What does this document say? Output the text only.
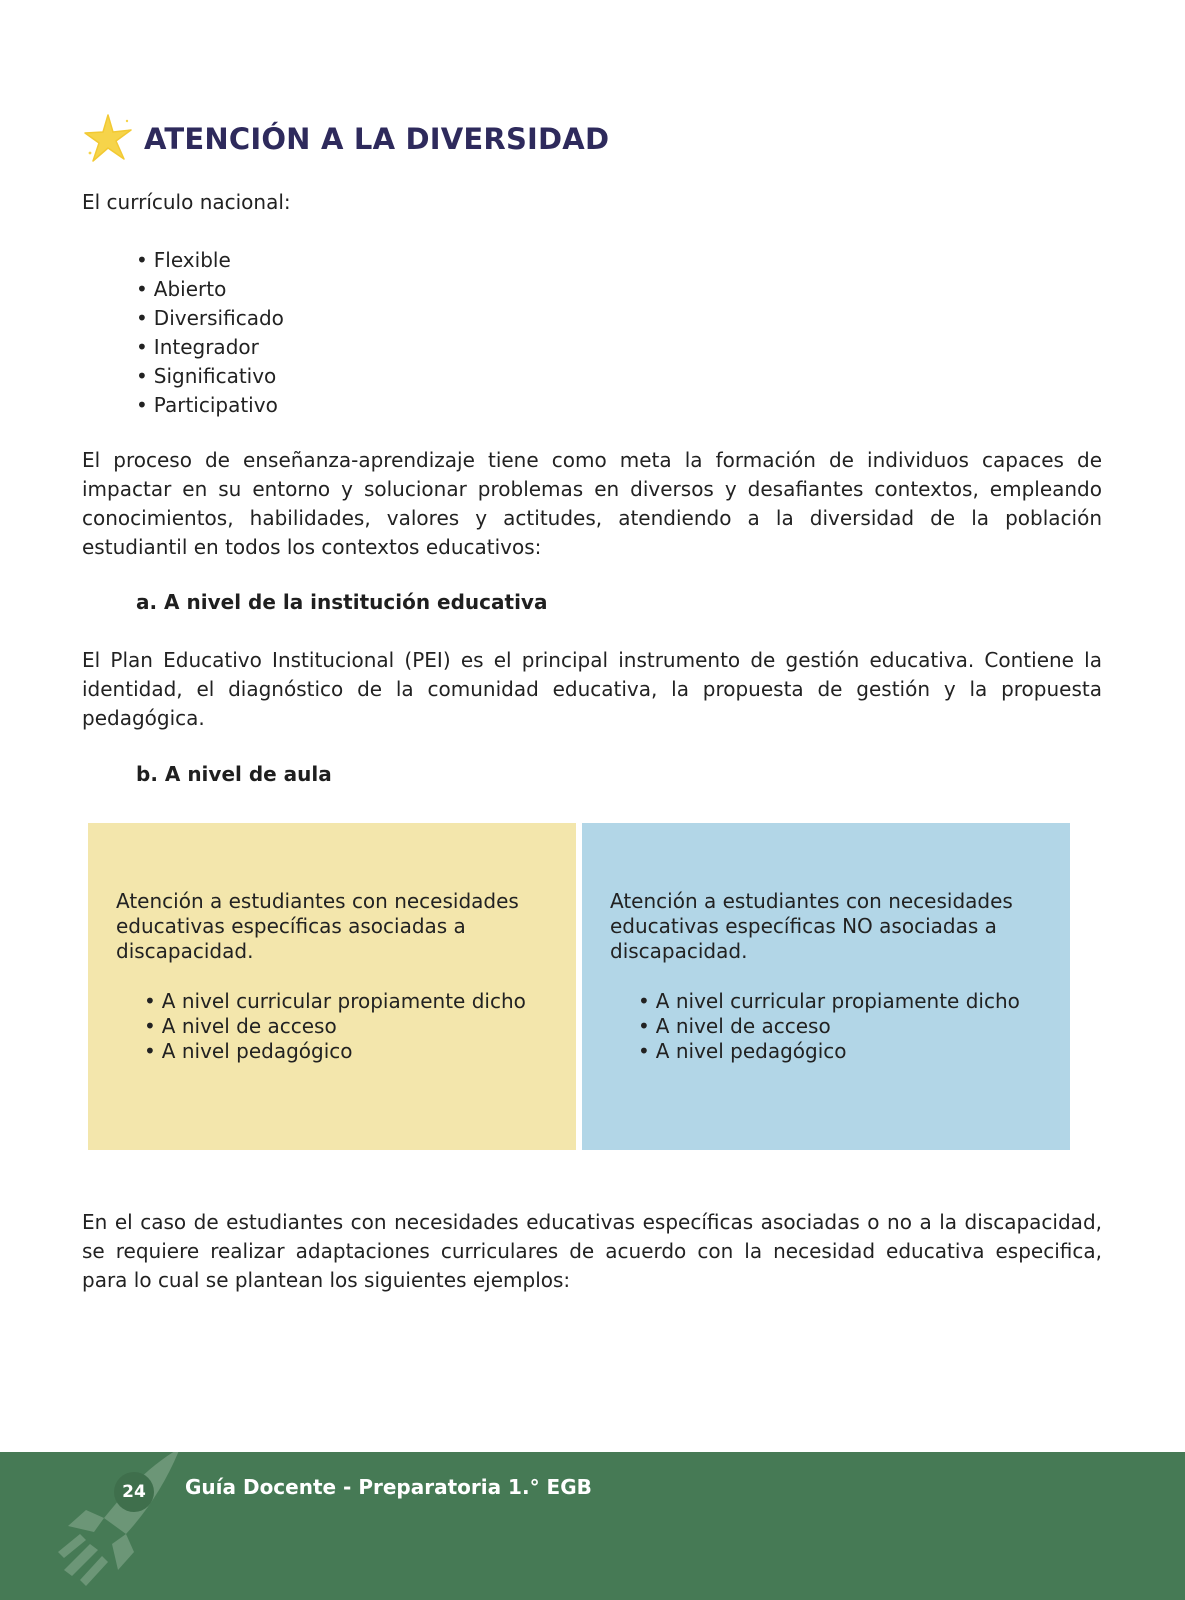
ATENCIÓN A LA DIVERSIDAD

El currículo nacional:

• Flexible
• Abierto
• Diversificado
• Integrador
• Significativo
• Participativo

El proceso de enseñanza-aprendizaje tiene como meta la formación de individuos capaces de impactar en su entorno y solucionar problemas en diversos y desafiantes contextos, empleando conocimientos, habilidades, valores y actitudes, atendiendo a la diversidad de la población estudiantil en todos los contextos educativos:

a. A nivel de la institución educativa

El Plan Educativo Institucional (PEI) es el principal instrumento de gestión educativa. Contiene la identidad, el diagnóstico de la comunidad educativa, la propuesta de gestión y la propuesta pedagógica.

b. A nivel de aula

Atención a estudiantes con necesidades educativas específicas asociadas a discapacidad.

• A nivel curricular propiamente dicho
• A nivel de acceso
• A nivel pedagógico

Atención a estudiantes con necesidades educativas específicas NO asociadas a discapacidad.

• A nivel curricular propiamente dicho
• A nivel de acceso
• A nivel pedagógico

En el caso de estudiantes con necesidades educativas específicas asociadas o no a la discapacidad, se requiere realizar adaptaciones curriculares de acuerdo con la necesidad educativa especifica, para lo cual se plantean los siguientes ejemplos:

24	Guía Docente - Preparatoria 1.° EGB
